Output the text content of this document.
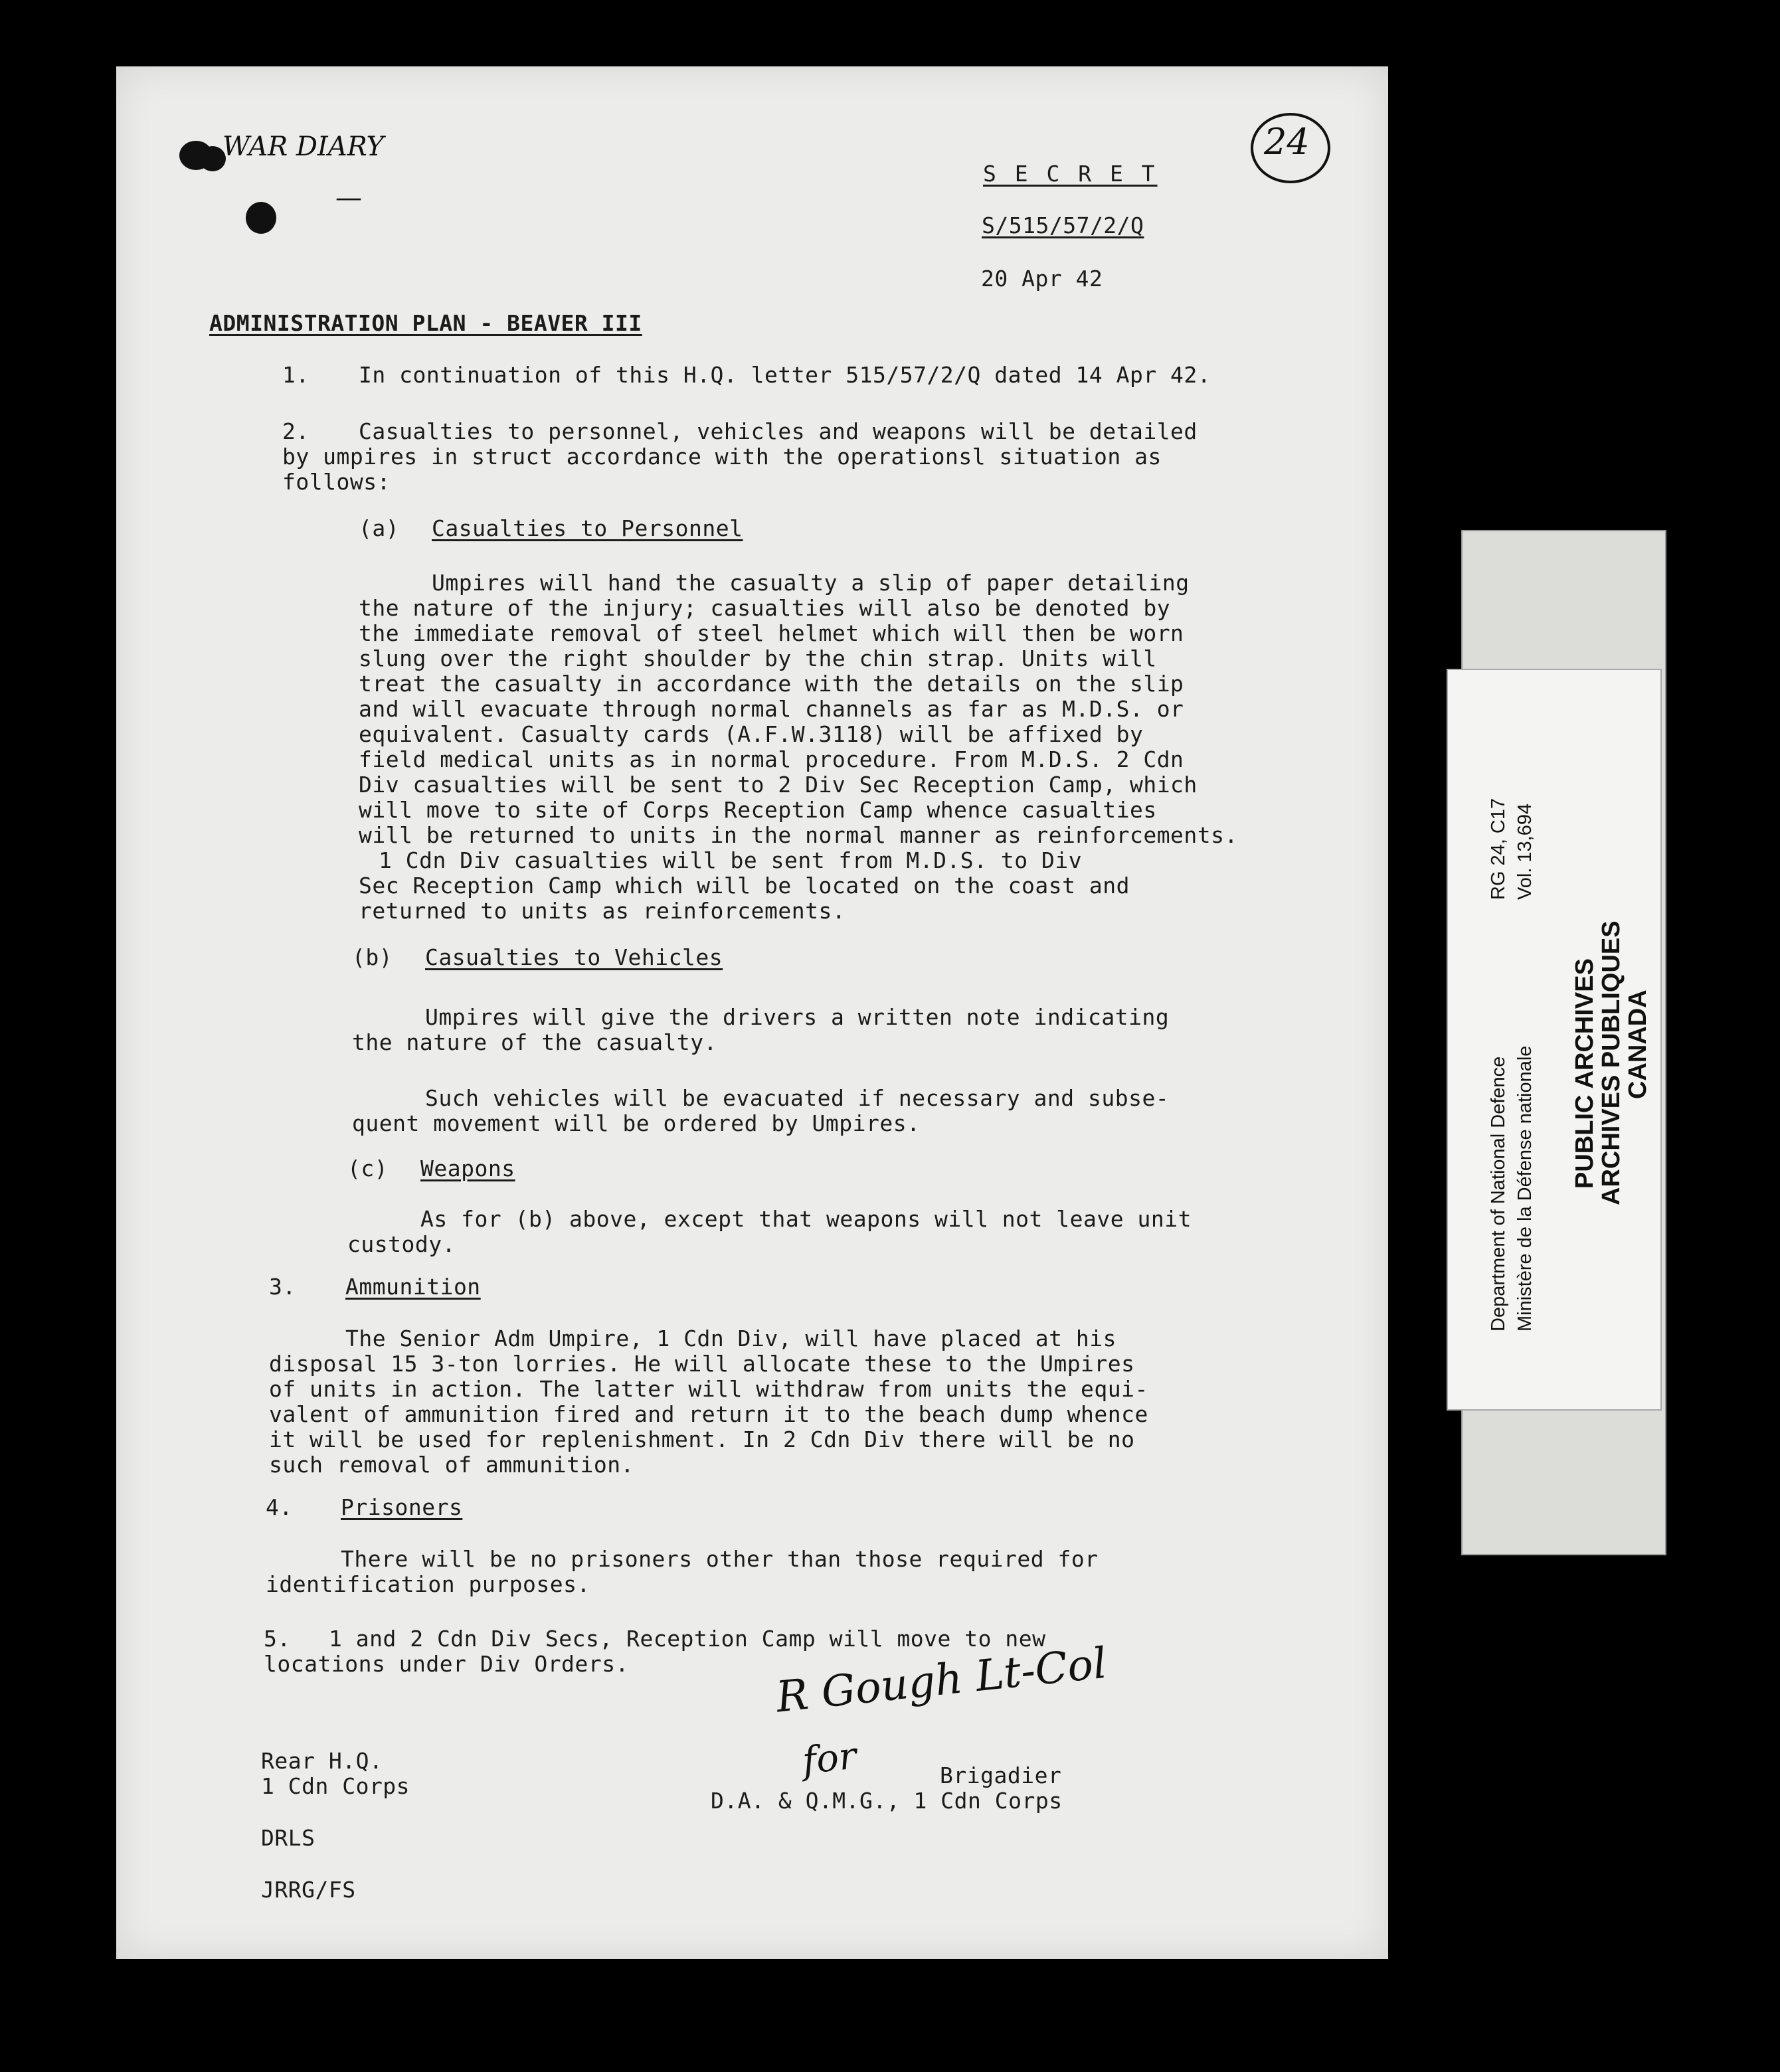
WAR DIARY
—
24
S E C R E T
S/515/57/2/Q
20 Apr 42
ADMINISTRATION PLAN - BEAVER III
1. In continuation of this H.Q. letter 515/57/2/Q dated 14 Apr 42.
2. Casualties to personnel, vehicles and weapons will be detailed
by umpires in struct accordance with the operationsl situation as
follows:
(a) Casualties to Personnel
Umpires will hand the casualty a slip of paper detailing
the nature of the injury; casualties will also be denoted by
the immediate removal of steel helmet which will then be worn
slung over the right shoulder by the chin strap. Units will
treat the casualty in accordance with the details on the slip
and will evacuate through normal channels as far as M.D.S. or
equivalent. Casualty cards (A.F.W.3118) will be affixed by
field medical units as in normal procedure. From M.D.S. 2 Cdn
Div casualties will be sent to 2 Div Sec Reception Camp, which
will move to site of Corps Reception Camp whence casualties
will be returned to units in the normal manner as reinforcements.
1 Cdn Div casualties will be sent from M.D.S. to Div
Sec Reception Camp which will be located on the coast and
returned to units as reinforcements.
(b) Casualties to Vehicles
Umpires will give the drivers a written note indicating
the nature of the casualty.
Such vehicles will be evacuated if necessary and subse-
quent movement will be ordered by Umpires.
(c) Weapons
As for (b) above, except that weapons will not leave unit
custody.
3. Ammunition
The Senior Adm Umpire, 1 Cdn Div, will have placed at his
disposal 15 3-ton lorries. He will allocate these to the Umpires
of units in action. The latter will withdraw from units the equi-
valent of ammunition fired and return it to the beach dump whence
it will be used for replenishment. In 2 Cdn Div there will be no
such removal of ammunition.
4. Prisoners
There will be no prisoners other than those required for
identification purposes.
5. 1 and 2 Cdn Div Secs, Reception Camp will move to new
locations under Div Orders.	R Gough Lt-Col
for	Brigadier
D.A. & Q.M.G., 1 Cdn Corps
Rear H.Q.
1 Cdn Corps
DRLS
JRRG/FS
Department of National Defence Ministère de la Défense nationale
RG 24, C17 Vol. 13,694
PUBLIC ARCHIVES
ARCHIVES PUBLIQUES
CANADA
